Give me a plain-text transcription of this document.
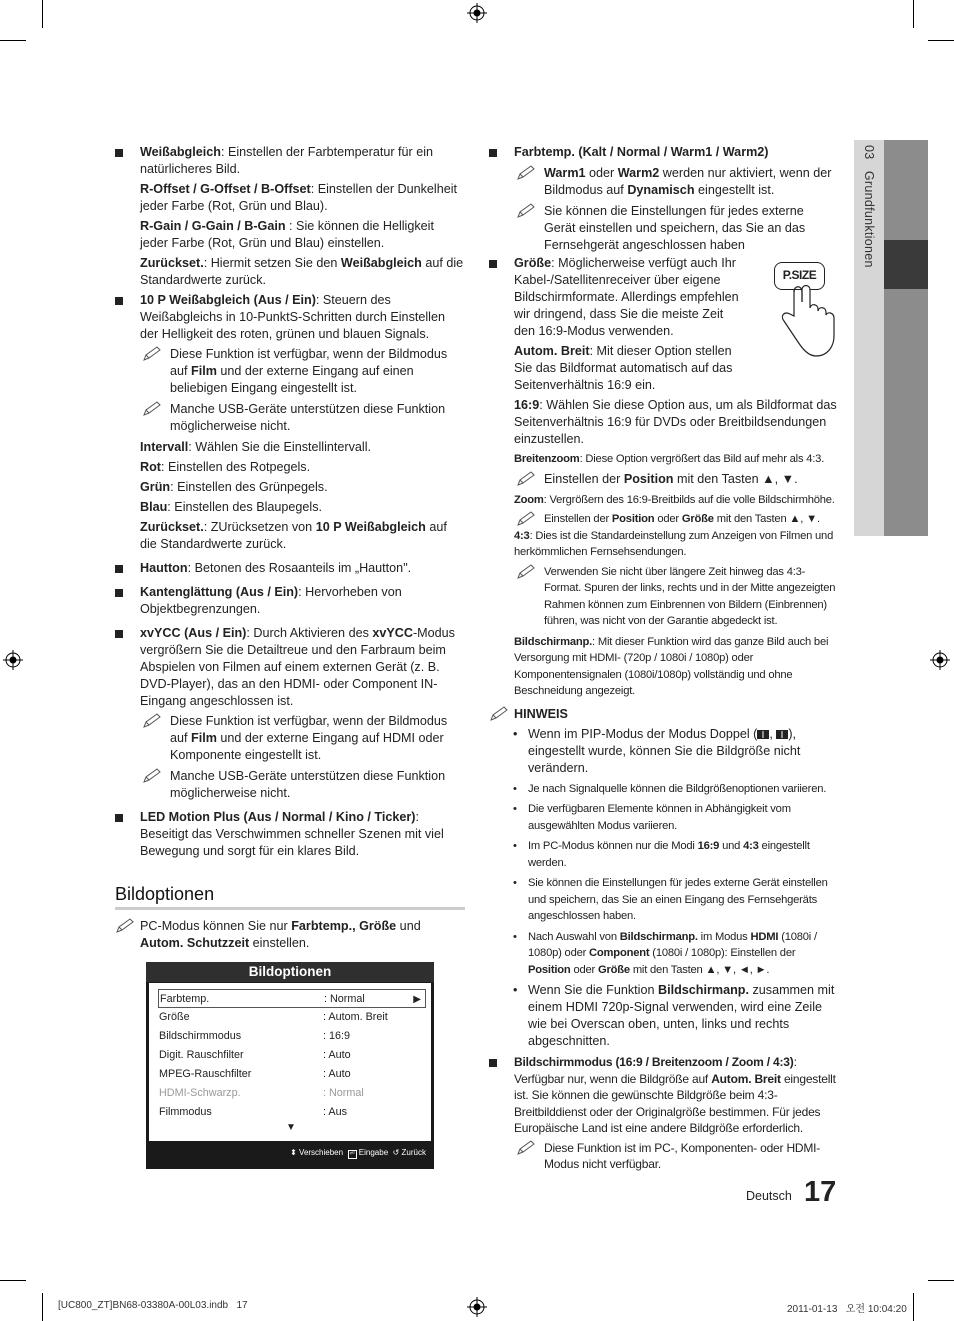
03   Grundfunktionen
Weißabgleich: Einstellen der Farbtemperatur für ein natürlicheres Bild.
R-Offset / G-Offset / B-Offset: Einstellen der Dunkelheit jeder Farbe (Rot, Grün und Blau).
R-Gain / G-Gain / B-Gain : Sie können die Helligkeit jeder Farbe (Rot, Grün und Blau) einstellen.
Zurückset.: Hiermit setzen Sie den Weißabgleich auf die Standardwerte zurück.
10 P Weißabgleich (Aus / Ein): Steuern des Weißabgleichs in 10-PunktS-Schritten durch Einstellen der Helligkeit des roten, grünen und blauen Signals.
Diese Funktion ist verfügbar, wenn der Bildmodus auf Film und der externe Eingang auf einen beliebigen Eingang eingestellt ist.
Manche USB-Geräte unterstützen diese Funktion möglicherweise nicht.
Intervall: Wählen Sie die Einstellintervall.
Rot: Einstellen des Rotpegels.
Grün: Einstellen des Grünpegels.
Blau: Einstellen des Blaupegels.
Zurückset.: ZUrücksetzen von 10 P Weißabgleich auf die Standardwerte zurück.
Hautton: Betonen des Rosaanteils im „Hautton".
Kantenglättung (Aus / Ein): Hervorheben von Objektbegrenzungen.
xvYCC (Aus / Ein): Durch Aktivieren des xvYCC-Modus vergrößern Sie die Detailtreue und den Farbraum beim Abspielen von Filmen auf einem externen Gerät (z. B. DVD-Player), das an den HDMI- oder Component IN-Eingang angeschlossen ist.
Diese Funktion ist verfügbar, wenn der Bildmodus auf Film und der externe Eingang auf HDMI oder Komponente eingestellt ist.
Manche USB-Geräte unterstützen diese Funktion möglicherweise nicht.
LED Motion Plus (Aus / Normal / Kino / Ticker): Beseitigt das Verschwimmen schneller Szenen mit viel Bewegung und sorgt für ein klares Bild.
Bildoptionen
PC-Modus können Sie nur Farbtemp., Größe und Autom. Schutzzeit einstellen.
Bildoptionen
Farbtemp.	: Normal	▶
Größe	: Autom. Breit
Bildschirmmodus	: 16:9
Digit. Rauschfilter	: Auto
MPEG-Rauschfilter	: Auto
HDMI-Schwarzp.	: Normal
Filmmodus	: Aus
▼
⬍ Verschieben ⏎ Eingabe ↺ Zurück
Farbtemp. (Kalt / Normal / Warm1 / Warm2)
Warm1 oder Warm2 werden nur aktiviert, wenn der Bildmodus auf Dynamisch eingestellt ist.
Sie können die Einstellungen für jedes externe Gerät einstellen und speichern, das Sie an das Fernsehgerät angeschlossen haben
Größe: Möglicherweise verfügt auch Ihr Kabel-/Satellitenreceiver über eigene Bildschirmformate. Allerdings empfehlen wir dringend, dass Sie die meiste Zeit den 16:9-Modus verwenden.
Autom. Breit: Mit dieser Option stellen Sie das Bildformat automatisch auf das Seitenverhältnis 16:9 ein.
16:9: Wählen Sie diese Option aus, um als Bildformat das Seitenverhältnis 16:9 für DVDs oder Breitbildsendungen einzustellen.
Breitenzoom: Diese Option vergrößert das Bild auf mehr als 4:3.
Einstellen der Position mit den Tasten ▲, ▼.
Zoom: Vergrößern des 16:9-Breitbilds auf die volle Bildschirmhöhe.
Einstellen der Position oder Größe mit den Tasten ▲, ▼.
4:3: Dies ist die Standardeinstellung zum Anzeigen von Filmen und herkömmlichen Fernsehsendungen.
Verwenden Sie nicht über längere Zeit hinweg das 4:3-Format. Spuren der links, rechts und in der Mitte angezeigten Rahmen können zum Einbrennen von Bildern (Einbrennen) führen, was nicht von der Garantie abgedeckt ist.
Bildschirmanp.: Mit dieser Funktion wird das ganze Bild auch bei Versorgung mit HDMI- (720p / 1080i / 1080p) oder Komponentensignalen (1080i/1080p) vollständig und ohne Beschneidung angezeigt.
HINWEIS
• Wenn im PIP-Modus der Modus Doppel ( , ), eingestellt wurde, können Sie die Bildgröße nicht verändern.
• Je nach Signalquelle können die Bildgrößenoptionen variieren.
• Die verfügbaren Elemente können in Abhängigkeit vom ausgewählten Modus variieren.
• Im PC-Modus können nur die Modi 16:9 und 4:3 eingestellt werden.
• Sie können die Einstellungen für jedes externe Gerät einstellen und speichern, das Sie an einen Eingang des Fernsehgeräts angeschlossen haben.
• Nach Auswahl von Bildschirmanp. im Modus HDMI (1080i / 1080p) oder Component (1080i / 1080p): Einstellen der Position oder Größe mit den Tasten ▲, ▼, ◄, ►.
• Wenn Sie die Funktion Bildschirmanp. zusammen mit einem HDMI 720p-Signal verwenden, wird eine Zeile wie bei Overscan oben, unten, links und rechts abgeschnitten.
Bildschirmmodus (16:9 / Breitenzoom / Zoom / 4:3): Verfügbar nur, wenn die Bildgröße auf Autom. Breit eingestellt ist. Sie können die gewünschte Bildgröße beim 4:3-Breitbilddienst oder der Originalgröße bestimmen. Für jedes Europäische Land ist eine andere Bildgröße erforderlich.
Diese Funktion ist im PC-, Komponenten- oder HDMI-Modus nicht verfügbar.
P.SIZE
Deutsch 17
[UC800_ZT]BN68-03380A-00L03.indb   17	2011-01-13   오전 10:04:20
